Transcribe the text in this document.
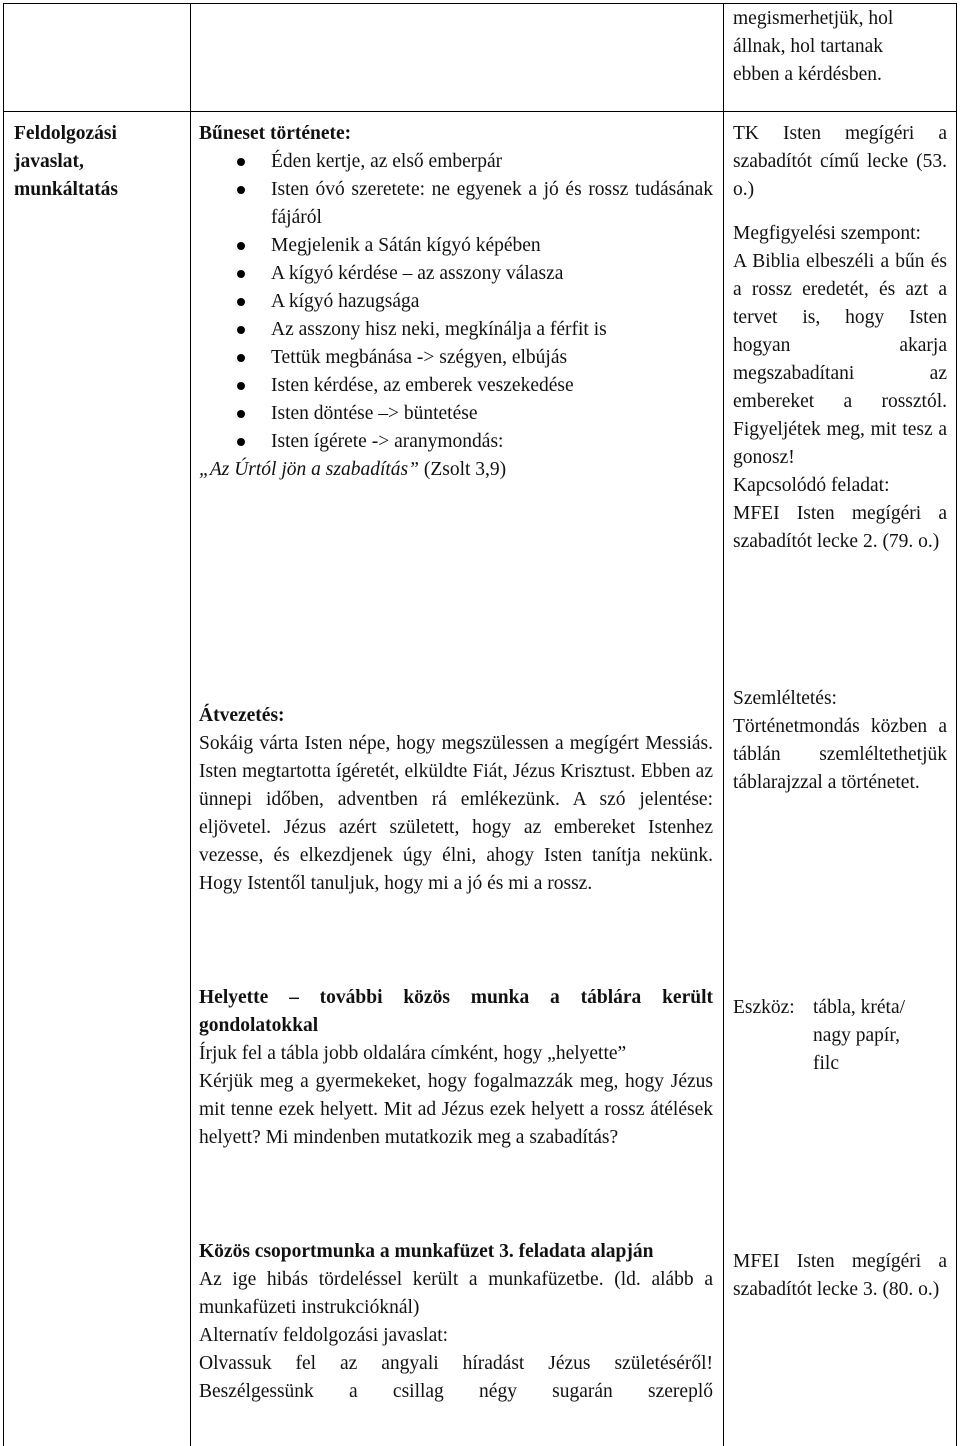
megismerhetjük, hol
állnak, hol tartanak
ebben a kérdésben.
Feldolgozási
javaslat,
munkáltatás
Bűneset története:
Éden kertje, az első emberpár
Isten óvó szeretete: ne egyenek a jó és rossz tudásának fájáról
Megjelenik a Sátán kígyó képében
A kígyó kérdése – az asszony válasza
A kígyó hazugsága
Az asszony hisz neki, megkínálja a férfit is
Tettük megbánása -> szégyen, elbújás
Isten kérdése, az emberek veszekedése
Isten döntése –> büntetése
Isten ígérete -> aranymondás:
„Az Úrtól jön a szabadítás” (Zsolt 3,9)
TK Isten megígéri a szabadítót című lecke (53. o.)
Megfigyelési szempont:
A Biblia elbeszéli a bűn és a rossz eredetét, és azt a tervet is, hogy Isten hogyan akarja megszabadítani az embereket a rossztól. Figyeljétek meg, mit tesz a gonosz!
Kapcsolódó feladat:
MFEI Isten megígéri a szabadítót lecke 2. (79. o.)
Átvezetés:
Sokáig várta Isten népe, hogy megszülessen a megígért Messiás. Isten megtartotta ígéretét, elküldte Fiát, Jézus Krisztust. Ebben az ünnepi időben, adventben rá emlékezünk. A szó jelentése: eljövetel. Jézus azért született, hogy az embereket Istenhez vezesse, és elkezdjenek úgy élni, ahogy Isten tanítja nekünk. Hogy Istentől tanuljuk, hogy mi a jó és mi a rossz.
Szemléltetés:
Történetmondás közben a táblán szemléltethetjük táblarajzzal a történetet.
Helyette – további közös munka a táblára került gondolatokkal
Írjuk fel a tábla jobb oldalára címként, hogy „helyette”
Kérjük meg a gyermekeket, hogy fogalmazzák meg, hogy Jézus mit tenne ezek helyett. Mit ad Jézus ezek helyett a rossz átélések helyett? Mi mindenben mutatkozik meg a szabadítás?
Eszköz: tábla, kréta/
nagy papír,
filc
Közös csoportmunka a munkafüzet 3. feladata alapján
Az ige hibás tördeléssel került a munkafüzetbe. (ld. alább a munkafüzeti instrukcióknál)
Alternatív feldolgozási javaslat:
Olvassuk fel az angyali híradást Jézus születéséről! Beszélgessünk a csillag négy sugarán szereplő
MFEI Isten megígéri a szabadítót lecke 3. (80. o.)
